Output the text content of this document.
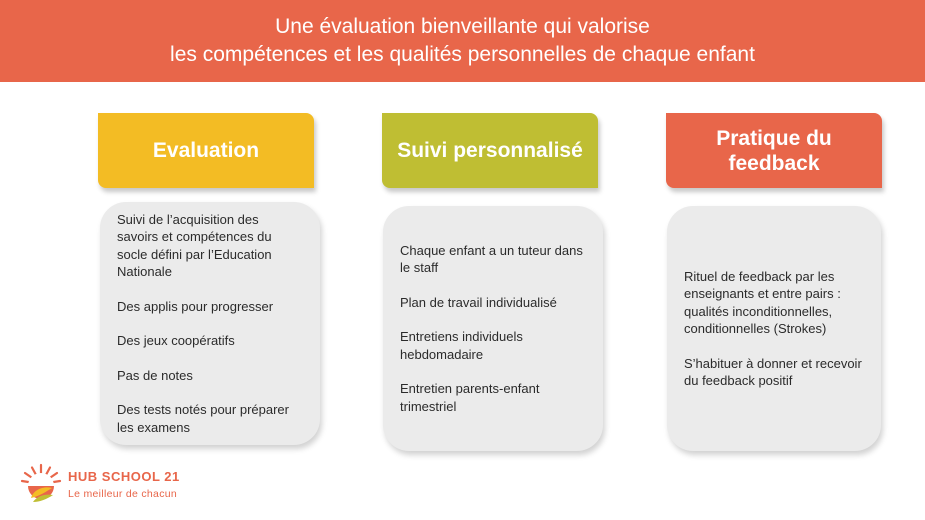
Une évaluation bienveillante qui valorise
les compétences et les qualités personnelles de chaque enfant
Evaluation	Suivi personnalisé
Pratique du feedback

Suivi de l’acquisition des savoirs et compétences du socle défini par l’Education Nationale

Des applis pour progresser

Des jeux coopératifs

Pas de notes

Des tests notés pour préparer les examens

Chaque enfant a un tuteur dans le staff

Plan de travail individualisé

Entretiens individuels hebdomadaire

Entretien parents-enfant trimestriel

Rituel de feedback par les enseignants et entre pairs : qualités inconditionnelles, conditionnelles (Strokes)

S’habituer à donner et recevoir du feedback positif

HUB SCHOOL 21
Le meilleur de chacun
